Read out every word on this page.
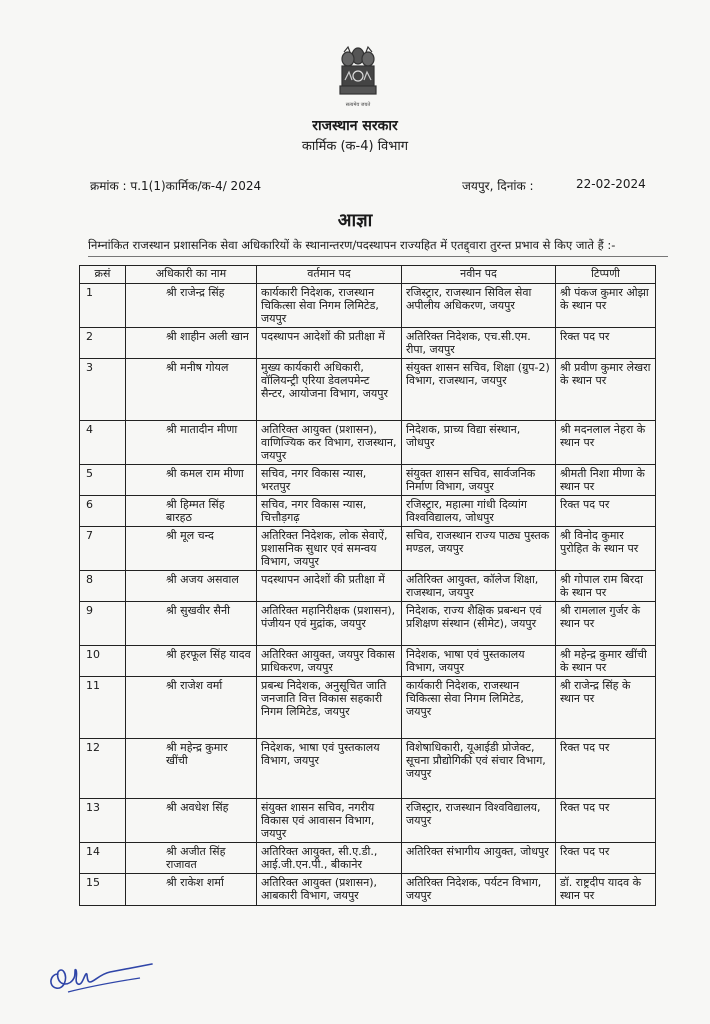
सत्यमेव जयते
राजस्थान सरकार
कार्मिक (क-4) विभाग
क्रमांक : प.1(1)कार्मिक/क-4/ 2024	जयपुर, दिनांक :	22-02-2024
आज्ञा
निम्नांकित राजस्थान प्रशासनिक सेवा अधिकारियों के स्थानान्तरण/पदस्थापन राज्यहित में एतद्द्वारा तुरन्त प्रभाव से किए जाते हैं :-
क्रसं	अधिकारी का नाम	वर्तमान पद	नवीन पद	टिप्पणी
1	श्री राजेन्द्र सिंह	कार्यकारी निदेशक, राजस्थान चिकित्सा सेवा निगम लिमिटेड, जयपुर	रजिस्ट्रार, राजस्थान सिविल सेवा अपीलीय अधिकरण, जयपुर	श्री पंकज कुमार ओझा के स्थान पर
2	श्री शाहीन अली खान	पदस्थापन आदेशों की प्रतीक्षा में	अतिरिक्त निदेशक, एच.सी.एम. रीपा, जयपुर	रिक्त पद पर
3	श्री मनीष गोयल	मुख्य कार्यकारी अधिकारी, वॉलियन्ट्री एरिया डेवलपमेन्ट सैन्टर, आयोजना विभाग, जयपुर	संयुक्त शासन सचिव, शिक्षा (ग्रुप-2) विभाग, राजस्थान, जयपुर	श्री प्रवीण कुमार लेखरा के स्थान पर
4	श्री मातादीन मीणा	अतिरिक्त आयुक्त (प्रशासन), वाणिज्यिक कर विभाग, राजस्थान, जयपुर	निदेशक, प्राच्य विद्या संस्थान, जोधपुर	श्री मदनलाल नेहरा के स्थान पर
5	श्री कमल राम मीणा	सचिव, नगर विकास न्यास, भरतपुर	संयुक्त शासन सचिव, सार्वजनिक निर्माण विभाग, जयपुर	श्रीमती निशा मीणा के स्थान पर
6	श्री हिम्मत सिंह बारहठ	सचिव, नगर विकास न्यास, चित्तौड़गढ़	रजिस्ट्रार, महात्मा गांधी दिव्यांग विश्वविद्यालय, जोधपुर	रिक्त पद पर
7	श्री मूल चन्द	अतिरिक्त निदेशक, लोक सेवाऐं, प्रशासनिक सुधार एवं समन्वय विभाग, जयपुर	सचिव, राजस्थान राज्य पाठ्य पुस्तक मण्डल, जयपुर	श्री विनोद कुमार पुरोहित के स्थान पर
8	श्री अजय असवाल	पदस्थापन आदेशों की प्रतीक्षा में	अतिरिक्त आयुक्त, कॉलेज शिक्षा, राजस्थान, जयपुर	श्री गोपाल राम बिरदा के स्थान पर
9	श्री सुखवीर सैनी	अतिरिक्त महानिरीक्षक (प्रशासन), पंजीयन एवं मुद्रांक, जयपुर	निदेशक, राज्य शैक्षिक प्रबन्धन एवं प्रशिक्षण संस्थान (सीमेट), जयपुर	श्री रामलाल गुर्जर के स्थान पर
10	श्री हरफूल सिंह यादव	अतिरिक्त आयुक्त, जयपुर विकास प्राधिकरण, जयपुर	निदेशक, भाषा एवं पुस्तकालय विभाग, जयपुर	श्री महेन्द्र कुमार खींची के स्थान पर
11	श्री राजेश वर्मा	प्रबन्ध निदेशक, अनुसूचित जाति जनजाति वित्त विकास सहकारी निगम लिमिटेड, जयपुर	कार्यकारी निदेशक, राजस्थान चिकित्सा सेवा निगम लिमिटेड, जयपुर	श्री राजेन्द्र सिंह के स्थान पर
12	श्री महेन्द्र कुमार खींची	निदेशक, भाषा एवं पुस्तकालय विभाग, जयपुर	विशेषाधिकारी, यूआईडी प्रोजेक्ट, सूचना प्रौद्योगिकी एवं संचार विभाग, जयपुर	रिक्त पद पर
13	श्री अवधेश सिंह	संयुक्त शासन सचिव, नगरीय विकास एवं आवासन विभाग, जयपुर	रजिस्ट्रार, राजस्थान विश्वविद्यालय, जयपुर	रिक्त पद पर
14	श्री अजीत सिंह राजावत	अतिरिक्त आयुक्त, सी.ए.डी., आई.जी.एन.पी., बीकानेर	अतिरिक्त संभागीय आयुक्त, जोधपुर	रिक्त पद पर
15	श्री राकेश शर्मा	अतिरिक्त आयुक्त (प्रशासन), आबकारी विभाग, जयपुर	अतिरिक्त निदेशक, पर्यटन विभाग, जयपुर	डॉ. राष्ट्रदीप यादव के स्थान पर
